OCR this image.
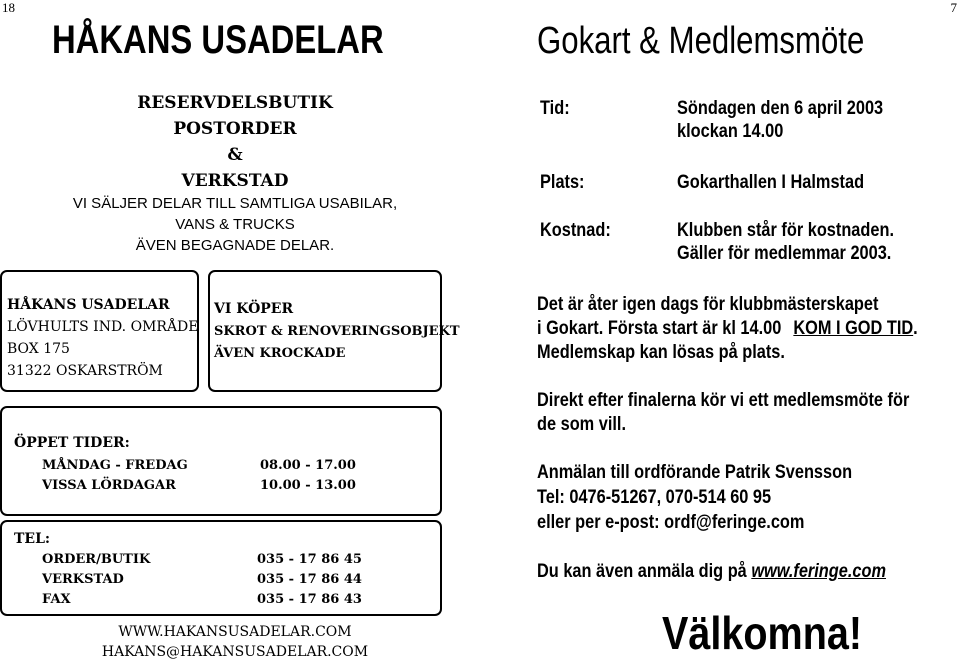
18	7
HÅKANS USADELAR
RESERVDELSBUTIK
POSTORDER
&
VERKSTAD
VI SÄLJER DELAR TILL SAMTLIGA USABILAR,
VANS & TRUCKS
ÄVEN BEGAGNADE DELAR.
HÅKANS USADELAR
LÖVHULTS IND. OMRÅDE
BOX 175
31322 OSKARSTRÖM
VI KÖPER
SKROT & RENOVERINGSOBJEKT
ÄVEN KROCKADE
ÖPPET TIDER:
MÅNDAG - FREDAG	08.00 - 17.00
VISSA LÖRDAGAR	10.00 - 13.00
TEL:
ORDER/BUTIK	035 - 17 86 45
VERKSTAD	035 - 17 86 44
FAX	035 - 17 86 43
WWW.HAKANSUSADELAR.COM
HAKANS@HAKANSUSADELAR.COM
Gokart & Medlemsmöte
Tid:	Söndagen den 6 april 2003
klockan 14.00
Plats:	Gokarthallen I Halmstad
Kostnad:	Klubben står för kostnaden.
Gäller för medlemmar 2003.
Det är åter igen dags för klubbmästerskapet
i Gokart. Första start är kl 14.00 KOM I GOD TID.
Medlemskap kan lösas på plats.
Direkt efter finalerna kör vi ett medlemsmöte för
de som vill.
Anmälan till ordförande Patrik Svensson
Tel: 0476-51267, 070-514 60 95
eller per e-post: ordf@feringe.com
Du kan även anmäla dig på www.feringe.com
Välkomna!
